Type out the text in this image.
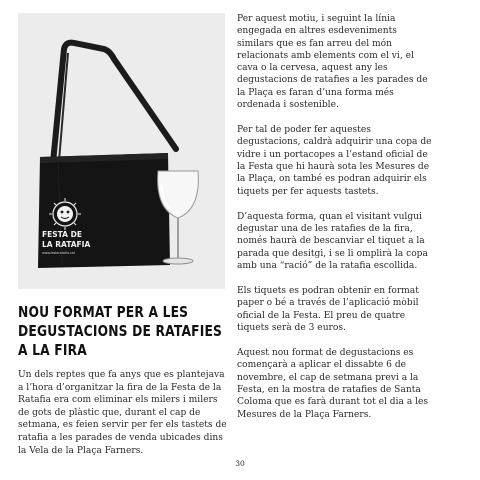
FESTA DE
LA RATAFIA
www.festaratafia.cat
NOU FORMAT PER A LES DEGUSTACIONS DE RATAFIES A LA FIRA
Un dels reptes que fa anys que es plantejava a l’hora d’organitzar la fira de la Festa de la Ratafia era com eliminar els milers i milers de gots de plàstic que, durant el cap de setmana, es feien servir per fer els tastets de ratafia a les parades de venda ubicades dins la Vela de la Plaça Farners.

Per aquest motiu, i seguint la línia engegada en altres esdeveniments similars que es fan arreu del món relacionats amb elements com el vi, el cava o la cervesa, aquest any les degustacions de ratafies a les parades de la Plaça es faran d’una forma més ordenada i sostenible.

Per tal de poder fer aquestes degustacions, caldrà adquirir una copa de vidre i un portacopes a l’estand oficial de la Festa que hi haurà sota les Mesures de la Plaça, on també es podran adquirir els tiquets per fer aquests tastets.

D’aquesta forma, quan el visitant vulgui degustar una de les ratafies de la fira, només haurà de bescanviar el tiquet a la parada que desitgi, i se li omplirà la copa amb una “ració” de la ratafia escollida.

Els tiquets es podran obtenir en format paper o bé a través de l’aplicació mòbil oficial de la Festa. El preu de quatre tiquets serà de 3 euros.

Aquest nou format de degustacions es començarà a aplicar el dissabte 6 de novembre, el cap de setmana previ a la Festa, en la mostra de ratafies de Santa Coloma que es farà durant tot el dia a les Mesures de la Plaça Farners.

30
